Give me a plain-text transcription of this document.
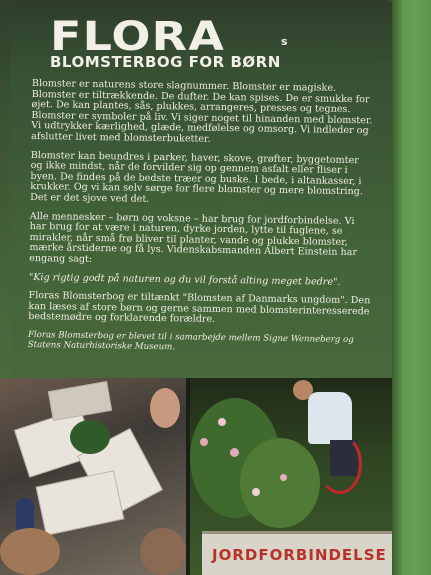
FLORA	s
BLOMSTERBOG FOR BØRN

Blomster er naturens store slagnummer. Blomster er magiske. Blomster er tiltrækkende. De dufter. De kan spises. De er smukke for øjet. De kan plantes, sås, plukkes, arrangeres, presses og tegnes. Blomster er symboler på liv. Vi siger noget til hinanden med blomster. Vi udtrykker kærlighed, glæde, medfølelse og omsorg. Vi indleder og afslutter livet med blomsterbuketter.

Blomster kan beundres i parker, haver, skove, grøfter, byggetomter og ikke mindst, når de forvilder sig op gennem asfalt eller fliser i byen. De findes på de bedste træer og buske. I bede, i altankasser, i krukker. Og vi kan selv sørge for flere blomster og mere blomstring. Det er det sjove ved det.

Alle mennesker – børn og voksne – har brug for jordforbindelse. Vi har brug for at være i naturen, dyrke jorden, lytte til fuglene, se mirakler, når små frø bliver til planter, vande og plukke blomster, mærke årstiderne og få lys. Videnskabsmanden Albert Einstein har engang sagt:

"Kig rigtig godt på naturen og du vil forstå alting meget bedre".

Floras Blomsterbog er tiltænkt "Blomsten af Danmarks ungdom". Den kan læses af store børn og gerne sammen med blomsterinteresserede bedstemødre og forklarende forældre.

Floras Blomsterbog er blevet til i samarbejde mellem Signe Wenneberg og Statens Naturhistoriske Museum.

JORDFORBINDELSE
